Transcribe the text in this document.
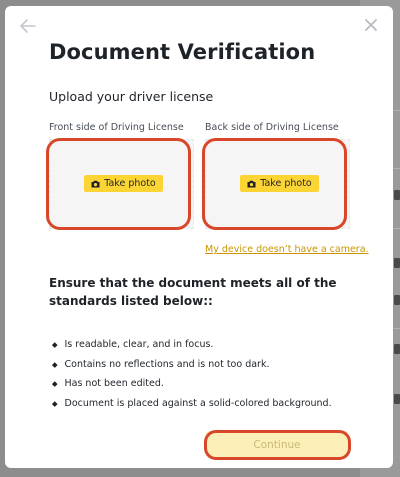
Document Verification
Upload your driver license
Front side of Driving License
Take photo
Back side of Driving License
Take photo
My device doesn’t have a camera.
Ensure that the document meets all of the standards listed below::
Is readable, clear, and in focus.
Contains no reflections and is not too dark.
Has not been edited.
Document is placed against a solid-colored background.
Continue
